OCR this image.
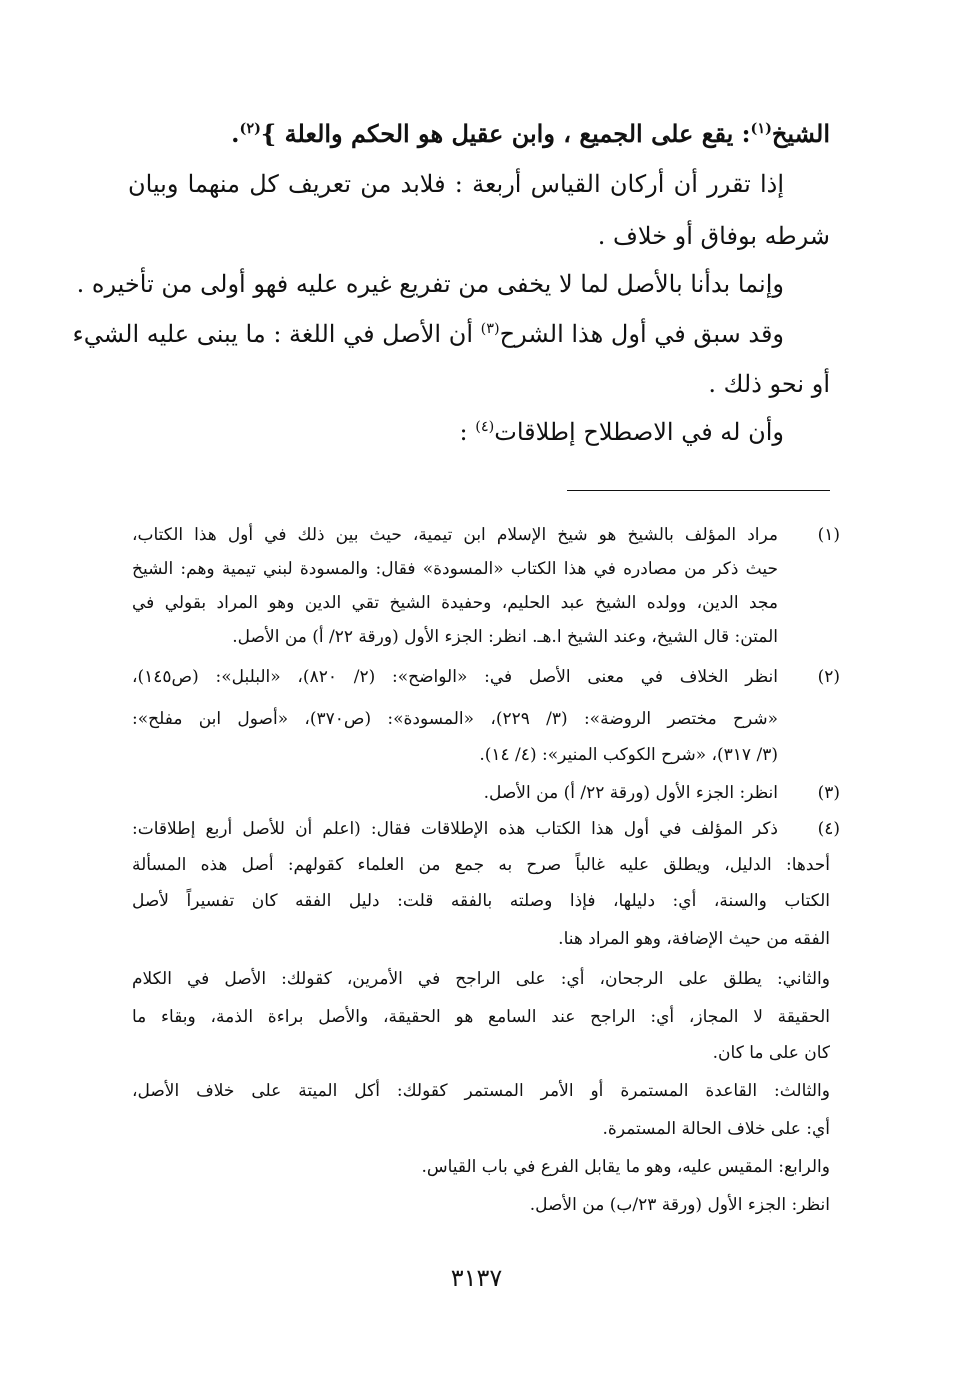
الشيخ$^{(١)}$: يقع على الجميع ، وابن عقيل هو الحكم والعلة }$^{(٢)}$.
إذا تقرر أن أركان القياس أربعة : فلابد من تعريف كل منهما وبيان
شرطه بوفاق أو خلاف .
وإنما بدأنا بالأصل لما لا يخفى من تفريع غيره عليه فهو أولى من تأخيره .
وقد سبق في أول هذا الشرح$^{(٣)}$ أن الأصل في اللغة : ما يبنى عليه الشيء
أو نحو ذلك .
وأن له في الاصطلاح إطلاقات$^{(٤)}$ :
(١)
مراد المؤلف بالشيخ هو شيخ الإسلام ابن تيمية، حيث بين ذلك في أول هذا الكتاب،
حيث ذكر من مصادره في هذا الكتاب «المسودة» فقال: والمسودة لبني تيمية وهم: الشيخ
مجد الدين، وولده الشيخ عبد الحليم، وحفيدة الشيخ تقي الدين وهو المراد بقولي في
المتن: قال الشيخ، وعند الشيخ ا.هـ. انظر: الجزء الأول (ورقة ٢٢/ أ) من الأصل.
(٢)
انظر الخلاف في معنى الأصل في: «الواضح»: (٢/ ٨٢٠)، «البلبل»: (ص١٤٥)،
«شرح مختصر الروضة»: (٣/ ٢٢٩)، «المسودة»: (ص٣٧٠)، «أصول ابن مفلح»:
(٣/ ٣١٧)، «شرح الكوكب المنير»: (٤/ ١٤).
(٣)
انظر: الجزء الأول (ورقة ٢٢/ أ) من الأصل.
(٤)
ذكر المؤلف في أول هذا الكتاب هذه الإطلاقات فقال: (اعلم أن للأصل أربع إطلاقات:
أحدها: الدليل، ويطلق عليه غالباً صرح به جمع من العلماء كقولهم: أصل هذه المسألة
الكتاب والسنة، أي: دليلها، فإذا وصلته بالفقه قلت: دليل الفقه كان تفسيراً لأصل
الفقه من حيث الإضافة، وهو المراد هنا.
والثاني: يطلق على الرجحان، أي: على الراجح في الأمرين، كقولك: الأصل في الكلام
الحقيقة لا المجاز، أي: الراجح عند السامع هو الحقيقة، والأصل براءة الذمة، وبقاء ما
كان على ما كان.
والثالث: القاعدة المستمرة أو الأمر المستمر كقولك: أكل الميتة على خلاف الأصل،
أي: على خلاف الحالة المستمرة.
والرابع: المقيس عليه، وهو ما يقابل الفرع في باب القياس.
انظر: الجزء الأول (ورقة ٢٣/ب) من الأصل.
٣١٣٧
